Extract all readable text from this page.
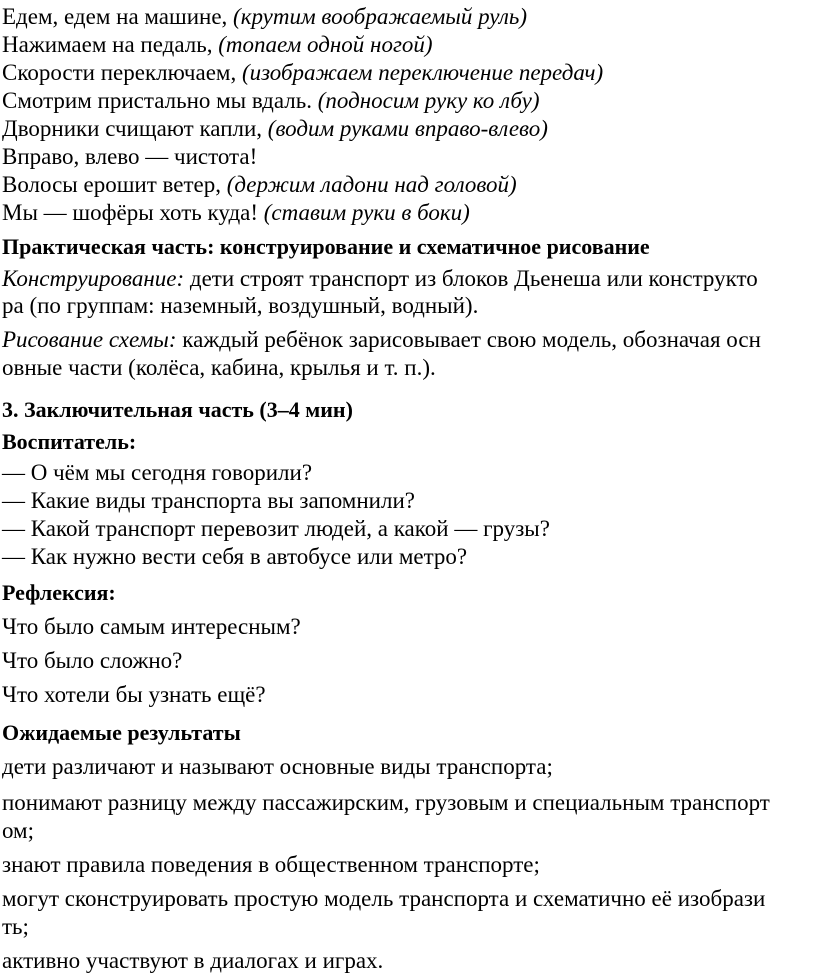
Едем, едем на машине, (крутим воображаемый руль)
Нажимаем на педаль, (топаем одной ногой)
Скорости переключаем, (изображаем переключение передач)
Смотрим пристально мы вдаль. (подносим руку ко лбу)
Дворники счищают капли, (водим руками вправо-влево)
Вправо, влево — чистота!
Волосы ерошит ветер, (держим ладони над головой)
Мы — шофёры хоть куда! (ставим руки в боки)
Практическая часть: конструирование и схематичное рисование
Конструирование: дети строят транспорт из блоков Дьенеша или конструкто
ра (по группам: наземный, воздушный, водный).
Рисование схемы: каждый ребёнок зарисовывает свою модель, обозначая осн
овные части (колёса, кабина, крылья и т. п.).
3. Заключительная часть (3–4 мин)
Воспитатель:
— О чём мы сегодня говорили?
— Какие виды транспорта вы запомнили?
— Какой транспорт перевозит людей, а какой — грузы?
— Как нужно вести себя в автобусе или метро?
Рефлексия:
Что было самым интересным?
Что было сложно?
Что хотели бы узнать ещё?
Ожидаемые результаты
дети различают и называют основные виды транспорта;
понимают разницу между пассажирским, грузовым и специальным транспорт
ом;
знают правила поведения в общественном транспорте;
могут сконструировать простую модель транспорта и схематично её изобрази
ть;
активно участвуют в диалогах и играх.
